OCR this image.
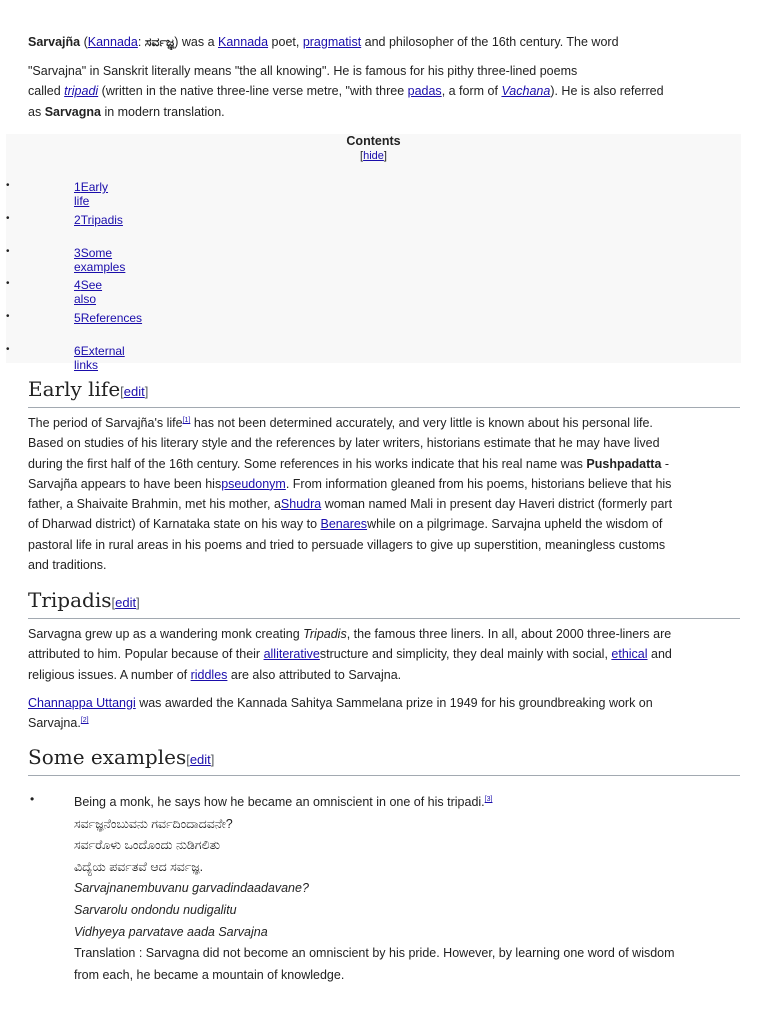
Sarvajña (Kannada: ಸರ್ವಜ್ಞ) was a Kannada poet, pragmatist and philosopher of the 16th century. The word

"Sarvajna" in Sanskrit literally means "the all knowing". He is famous for his pithy three-lined poems
called tripadi (written in the native three-line verse metre, "with three padas, a form of Vachana). He is also referred
as Sarvagna in modern translation.

Contents
[hide]
•	1Early life
•	2Tripadis
•	3Some examples
•	4See also
•	5References
•	6External links
Early life[edit]

The period of Sarvajña's life[1] has not been determined accurately, and very little is known about his personal life.
Based on studies of his literary style and the references by later writers, historians estimate that he may have lived
during the first half of the 16th century. Some references in his works indicate that his real name was Pushpadatta -
Sarvajña appears to have been hispseudonym. From information gleaned from his poems, historians believe that his
father, a Shaivaite Brahmin, met his mother, aShudra woman named Mali in present day Haveri district (formerly part
of Dharwad district) of Karnataka state on his way to Benareswhile on a pilgrimage. Sarvajna upheld the wisdom of
pastoral life in rural areas in his poems and tried to persuade villagers to give up superstition, meaningless customs
and traditions.

Tripadis[edit]

Sarvagna grew up as a wandering monk creating Tripadis, the famous three liners. In all, about 2000 three-liners are
attributed to him. Popular because of their alliterativestructure and simplicity, they deal mainly with social, ethical and
religious issues. A number of riddles are also attributed to Sarvajna.

Channappa Uttangi was awarded the Kannada Sahitya Sammelana prize in 1949 for his groundbreaking work on
Sarvajna.[2]

Some examples[edit]
•	Being a monk, he says how he became an omniscient in one of his tripadi.[3]
ಸರ್ವಜ್ಞನೆಂಬುವನು ಗರ್ವದಿಂದಾದವನೇ?
ಸರ್ವರೊಳು ಒಂದೊಂದು ನುಡಿಗಲಿತು
ವಿದ್ಯೆಯ ಪರ್ವತವೆ ಆದ ಸರ್ವಜ್ಞ.
Sarvajnanembuvanu garvadindaadavane?
Sarvarolu ondondu nudigalitu
Vidhyeya parvatave aada Sarvajna
Translation : Sarvagna did not become an omniscient by his pride. However, by learning one word of wisdom
from each, he became a mountain of knowledge.
